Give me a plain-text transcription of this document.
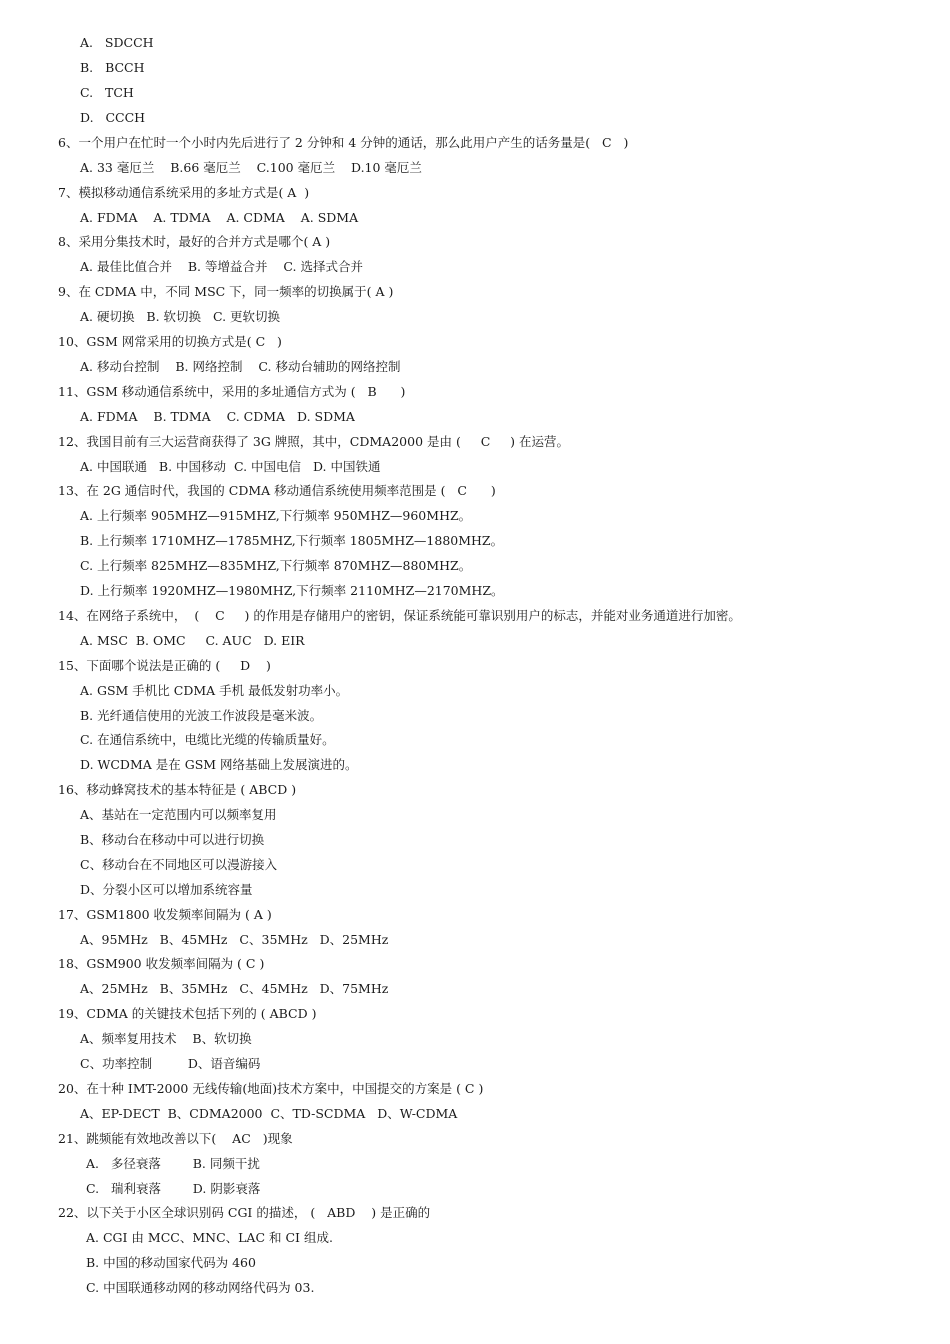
A.   SDCCH
B.   BCCH
C.   TCH
D.   CCCH
6、一个用户在忙时一个小时内先后进行了 2 分钟和 4 分钟的通话，那么此用户产生的话务量是(   C   )
A. 33 毫厄兰    B.66 毫厄兰    C.100 毫厄兰    D.10 毫厄兰
7、模拟移动通信系统采用的多址方式是( A  )
A. FDMA    A. TDMA    A. CDMA    A. SDMA
8、采用分集技术时，最好的合并方式是哪个( A )
A. 最佳比值合并    B. 等增益合并    C. 选择式合并
9、在 CDMA 中，不同 MSC 下，同一频率的切换属于( A )
A. 硬切换   B. 软切换   C. 更软切换
10、GSM 网常采用的切换方式是( C   )
A. 移动台控制    B. 网络控制    C. 移动台辅助的网络控制
11、GSM 移动通信系统中，采用的多址通信方式为 (   B      )
A. FDMA    B. TDMA    C. CDMA   D. SDMA
12、我国目前有三大运营商获得了 3G 牌照，其中，CDMA2000 是由 (     C     ) 在运营。
A. 中国联通   B. 中国移动  C. 中国电信   D. 中国铁通
13、在 2G 通信时代，我国的 CDMA 移动通信系统使用频率范围是 (   C      )
A. 上行频率 905MHZ—915MHZ,下行频率 950MHZ—960MHZ。
B. 上行频率 1710MHZ—1785MHZ,下行频率 1805MHZ—1880MHZ。
C. 上行频率 825MHZ—835MHZ,下行频率 870MHZ—880MHZ。
D. 上行频率 1920MHZ—1980MHZ,下行频率 2110MHZ—2170MHZ。
14、在网络子系统中，  (    C     ) 的作用是存储用户的密钥，保证系统能可靠识别用户的标志，并能对业务通道进行加密。
A. MSC  B. OMC     C. AUC   D. EIR
15、下面哪个说法是正确的 (     D    )
A. GSM 手机比 CDMA 手机 最低发射功率小。
B. 光纤通信使用的光波工作波段是毫米波。
C. 在通信系统中，电缆比光缆的传输质量好。
D. WCDMA 是在 GSM 网络基础上发展演进的。
16、移动蜂窝技术的基本特征是 ( ABCD )
A、基站在一定范围内可以频率复用
B、移动台在移动中可以进行切换
C、移动台在不同地区可以漫游接入
D、分裂小区可以增加系统容量
17、GSM1800 收发频率间隔为 ( A )
A、95MHz   B、45MHz   C、35MHz   D、25MHz
18、GSM900 收发频率间隔为 ( C )
A、25MHz   B、35MHz   C、45MHz   D、75MHz
19、CDMA 的关键技术包括下列的 ( ABCD )
A、频率复用技术    B、软切换
C、功率控制         D、语音编码
20、在十种 IMT-2000 无线传输(地面)技术方案中，中国提交的方案是 ( C )
A、EP-DECT  B、CDMA2000  C、TD-SCDMA   D、W-CDMA
21、跳频能有效地改善以下(    AC   )现象
A.   多径衰落        B. 同频干扰
C.   瑞利衰落        D. 阴影衰落
22、以下关于小区全球识别码 CGI 的描述， (   ABD    ) 是正确的
A. CGI 由 MCC、MNC、LAC 和 CI 组成.
B. 中国的移动国家代码为 460
C. 中国联通移动网的移动网络代码为 03.
